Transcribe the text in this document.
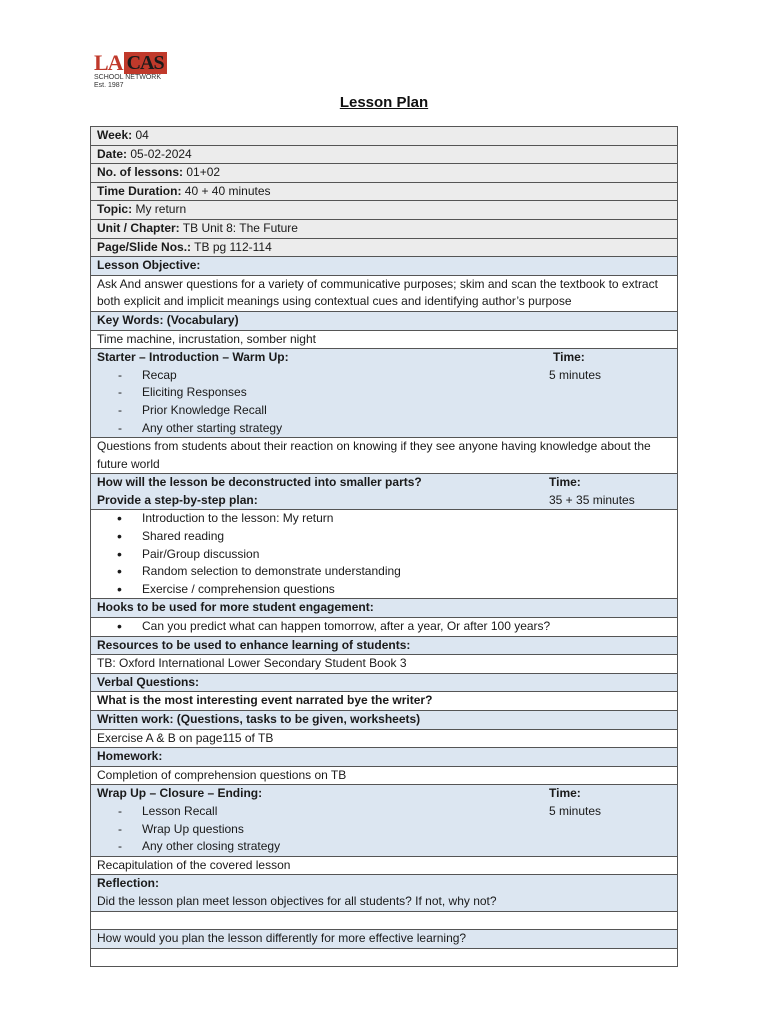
LA CAS
SCHOOL NETWORK
Est. 1987
Lesson Plan
Week: 04
Date: 05-02-2024
No. of lessons: 01+02
Time Duration: 40 + 40 minutes
Topic: My return
Unit / Chapter: TB Unit 8: The Future
Page/Slide Nos.: TB pg 112-114
Lesson Objective:
Ask And answer questions for a variety of communicative purposes; skim and scan the textbook to extract both explicit and implicit meanings using contextual cues and identifying author’s purpose
Key Words: (Vocabulary)
Time machine, incrustation, somber night

Starter – Introduction – Warm Up:
- Recap
- Eliciting Responses
- Prior Knowledge Recall
- Any other starting strategy
Time:
5 minutes

Questions from students about their reaction on knowing if they see anyone having knowledge about the future world

How will the lesson be deconstructed into smaller parts?
Provide a step-by-step plan:
Time:
35 + 35 minutes

• Introduction to the lesson: My return
• Shared reading
• Pair/Group discussion
• Random selection to demonstrate understanding
• Exercise / comprehension questions

Hooks to be used for more student engagement:

• Can you predict what can happen tomorrow, after a year, Or after 100 years?

Resources to be used to enhance learning of students:
TB: Oxford International Lower Secondary Student Book 3
Verbal Questions:
What is the most interesting event narrated bye the writer?
Written work: (Questions, tasks to be given, worksheets)
Exercise A & B on page115 of TB
Homework:
Completion of comprehension questions on TB

Wrap Up – Closure – Ending:
- Lesson Recall
- Wrap Up questions
- Any other closing strategy
Time:
5 minutes

Recapitulation of the covered lesson

Reflection:
Did the lesson plan meet lesson objectives for all students? If not, why not?

How would you plan the lesson differently for more effective learning?
